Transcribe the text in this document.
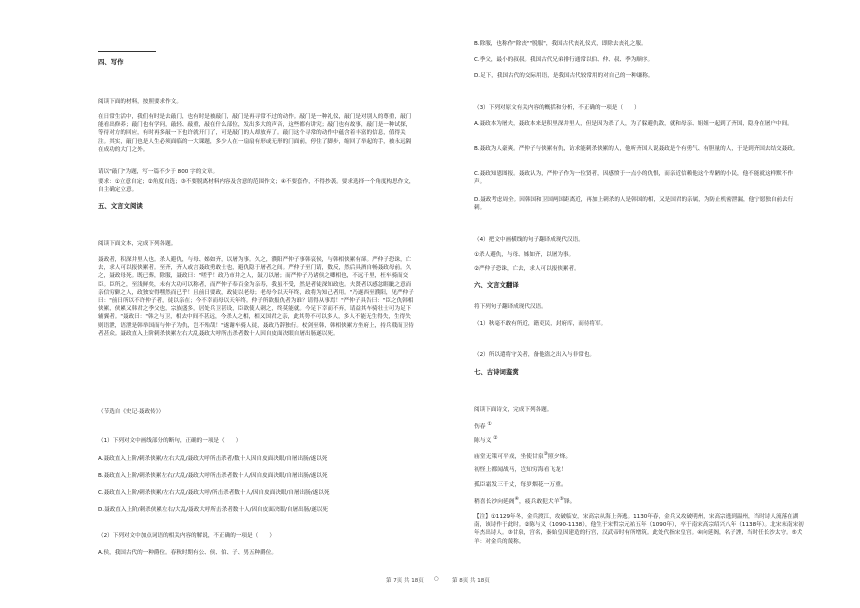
四、写作
阅读下面的材料，按照要求作文。
在日常生活中，我们有时是去敲门，也有时是被敲门，敲门是再寻常不过的动作。敲门是一种礼仪，敲门是对别人的尊重，敲门能看出修养；敲门也有学问，敲轻、敲重，敲在什么部位，发出多大的声音，这些都有讲究；敲门也有故事，敲门是一种试探，等待对方的回应，有时再多敲一下也许就开门了，可是敲门的人却放弃了。敲门这个寻常的动作中蕴含着丰富的信息，值得关注。其实，敲门也是人生必须面临的一大课题，多少人在一扇扇有形或无形的门面前，停住了脚步，缩回了举起的手，被永远隔在成功的大门之外。
请以"敲门"为题，写一篇不少于 800 字的文章。
要求：①立意自定；②角度自选；③不要脱离材料内容及含意的范围作文；④不要套作，不得抄袭。要求选择一个角度构思作文，自主确定立意。
五、文言文阅读
阅读下面文本，完成下列各题。
聂政者，积深井里人也。杀人避仇，与母、姊如齐，以屠为事。久之，濮阳严仲子事韩哀侯，与韩相侠累有郤。严仲子恐诛，亡去，求人可以报侠累者。至齐，齐人或言聂政勇敢士也，避仇隐于屠者之间。严仲子至门请，数反，然后具酒自畅聂政母前。久之，聂政母死。既已葬，除服，聂政曰："嗟乎！政乃市井之人，鼓刀以屠；而严仲子乃诸侯之卿相也，不远千里，枉车骑而交臣。臣所之，至浅鲜矣，未有大功可以称者，而严仲子奉百金为亲寿，我虽不受，然是者徒深知政也。夫贤者以感忿睚眦之意而亲信穷僻之人，政独安得嘿然而已乎！且前日要政，政徒以老母；老母今以天年终，政将为知己者用。"乃遂西至濮阳，见严仲子曰："前日所以不许仲子者，徒以亲在；今不幸而母以天年终。仲子所欲报仇者为谁？请得从事焉！"严仲子具告曰："臣之仇韩相侠累，侠累又韩君之季父也，宗族盛多，居处兵卫甚设，臣欲使人刺之，终莫能就。今足下幸而不弃，请益其车骑壮士可为足下辅翼者。"聂政曰："韩之与卫，相去中间不甚远，今杀人之相，相又国君之亲，此其势不可以多人，多人不能无生得失，生得失则语泄，语泄是韩举国而与仲子为仇，岂不殆哉！"遂谢车骑人徒，聂政乃辞独行。杖剑至韩，韩相侠累方坐府上，持兵戟而卫侍者甚众。聂政直入上阶刺杀侠累左右大乱聂政大呼所击杀者数十人因自皮面决眼自屠出肠遂以死。
（节选自《史记·聂政传》）
（1）下列对文中画线部分的断句，正确的一项是（　　）
A.聂政直入上阶/刺杀侠累/左右大乱/聂政大呼所击杀者/数十人因自皮面决眼/自屠出肠/遂以死
B.聂政直入上阶/刺杀侠累左右/大乱/聂政大呼所击杀者数十人/因自皮面决眼/自屠出肠/遂以死
C.聂政直入上阶/刺杀侠累/左右大乱/聂政大呼/所击杀者数十人/因自皮面决眼/自屠出肠/遂以死
D.聂政直入上阶/刺杀侠累左右/大乱/聂政大呼所击杀者数十人/因自皮面决眼/自屠出肠/遂以死
（2）下列对文中加点词语的相关内容的解说，不正确的一项是（　　）
A.侯，我国古代的一种爵位。春秋时期有公、侯、伯、子、男五种爵位。
B.除服，也称作"除丧""脱服"，我国古代丧礼仪式，即除去丧礼之服。
C.季父，最小的叔叔。我国古代兄弟排行通常以伯、仲、叔、季为顺序。
D.足下，我国古代的交际用语，是我国古代较常用的对自己的一种谦称。
（3）下列对原文有关内容的概括和分析，不正确的一项是（　　）
A.聂政本为屠夫，聂政本来是积里深井里人，但是因为杀了人，为了躲避仇敌，就和母亲、姐姐一起到了齐国，隐身在屠户中间。
B.聂政为人豪爽。严仲子与侠累有仇，访求能刺杀侠累的人，他听齐国人说聂政是个有勇气、有胆量的人，于是到齐国去结交聂政。
C.聂政知恩图报。聂政认为，严仲子作为一位贤者，因感愤于一点小的仇恨，而亲近信赖他这个卑陋的小民，他不能就这样默不作声。
D.聂政考虑周全。因韩国和卫国两国距离近，再加上刺杀的人是韩国的相，又是国君的亲属，为防止机密泄漏，他宁愿独自前去行刺。
（4）把文中画横线的句子翻译成现代汉语。
①杀人避仇，与母、姊如齐，以屠为事。
②严仲子恐诛，亡去，求人可以报侠累者。
六、文言文翻译
将下列句子翻译成现代汉语。
（1）秋毫不敢有所近，籍吏民，封府库，而待将军。
（2）所以遣将守关者，备他盗之出入与非常也。
七、古诗词鉴赏
阅读下面诗文，完成下列各题。
伤春 ①
陈与义 ②
庙堂无策可平戎，坐使甘泉③照夕烽。
初怪上都闻战马，岂知穷海看飞龙！
孤臣霜发三千丈，每岁烟花一万重。
稍喜长沙向延阁④，疲兵敢犯犬羊⑤锋。
【注】①1129年冬，金兵渡江，攻破临安，宋高宗从海上奔逃。1130年春，金兵又攻破明州，宋高宗逃到温州，当时诗人流落在湖南，该诗作于此时。②陈与义（1090-1138），他生于宋哲宗元祐五年（1090年），卒于南宋高宗绍兴八年（1138年）。北宋末南宋初年杰出诗人。③甘泉，宫名，秦始皇因建造的行宫，汉武帝时有所增筑。此处代指宋皇宫。④向延阁，名子諲，当时任长沙太守。⑤犬羊：对金兵的蔑称。
第 7页 共 18页 ○ 第 8页 共 18页
